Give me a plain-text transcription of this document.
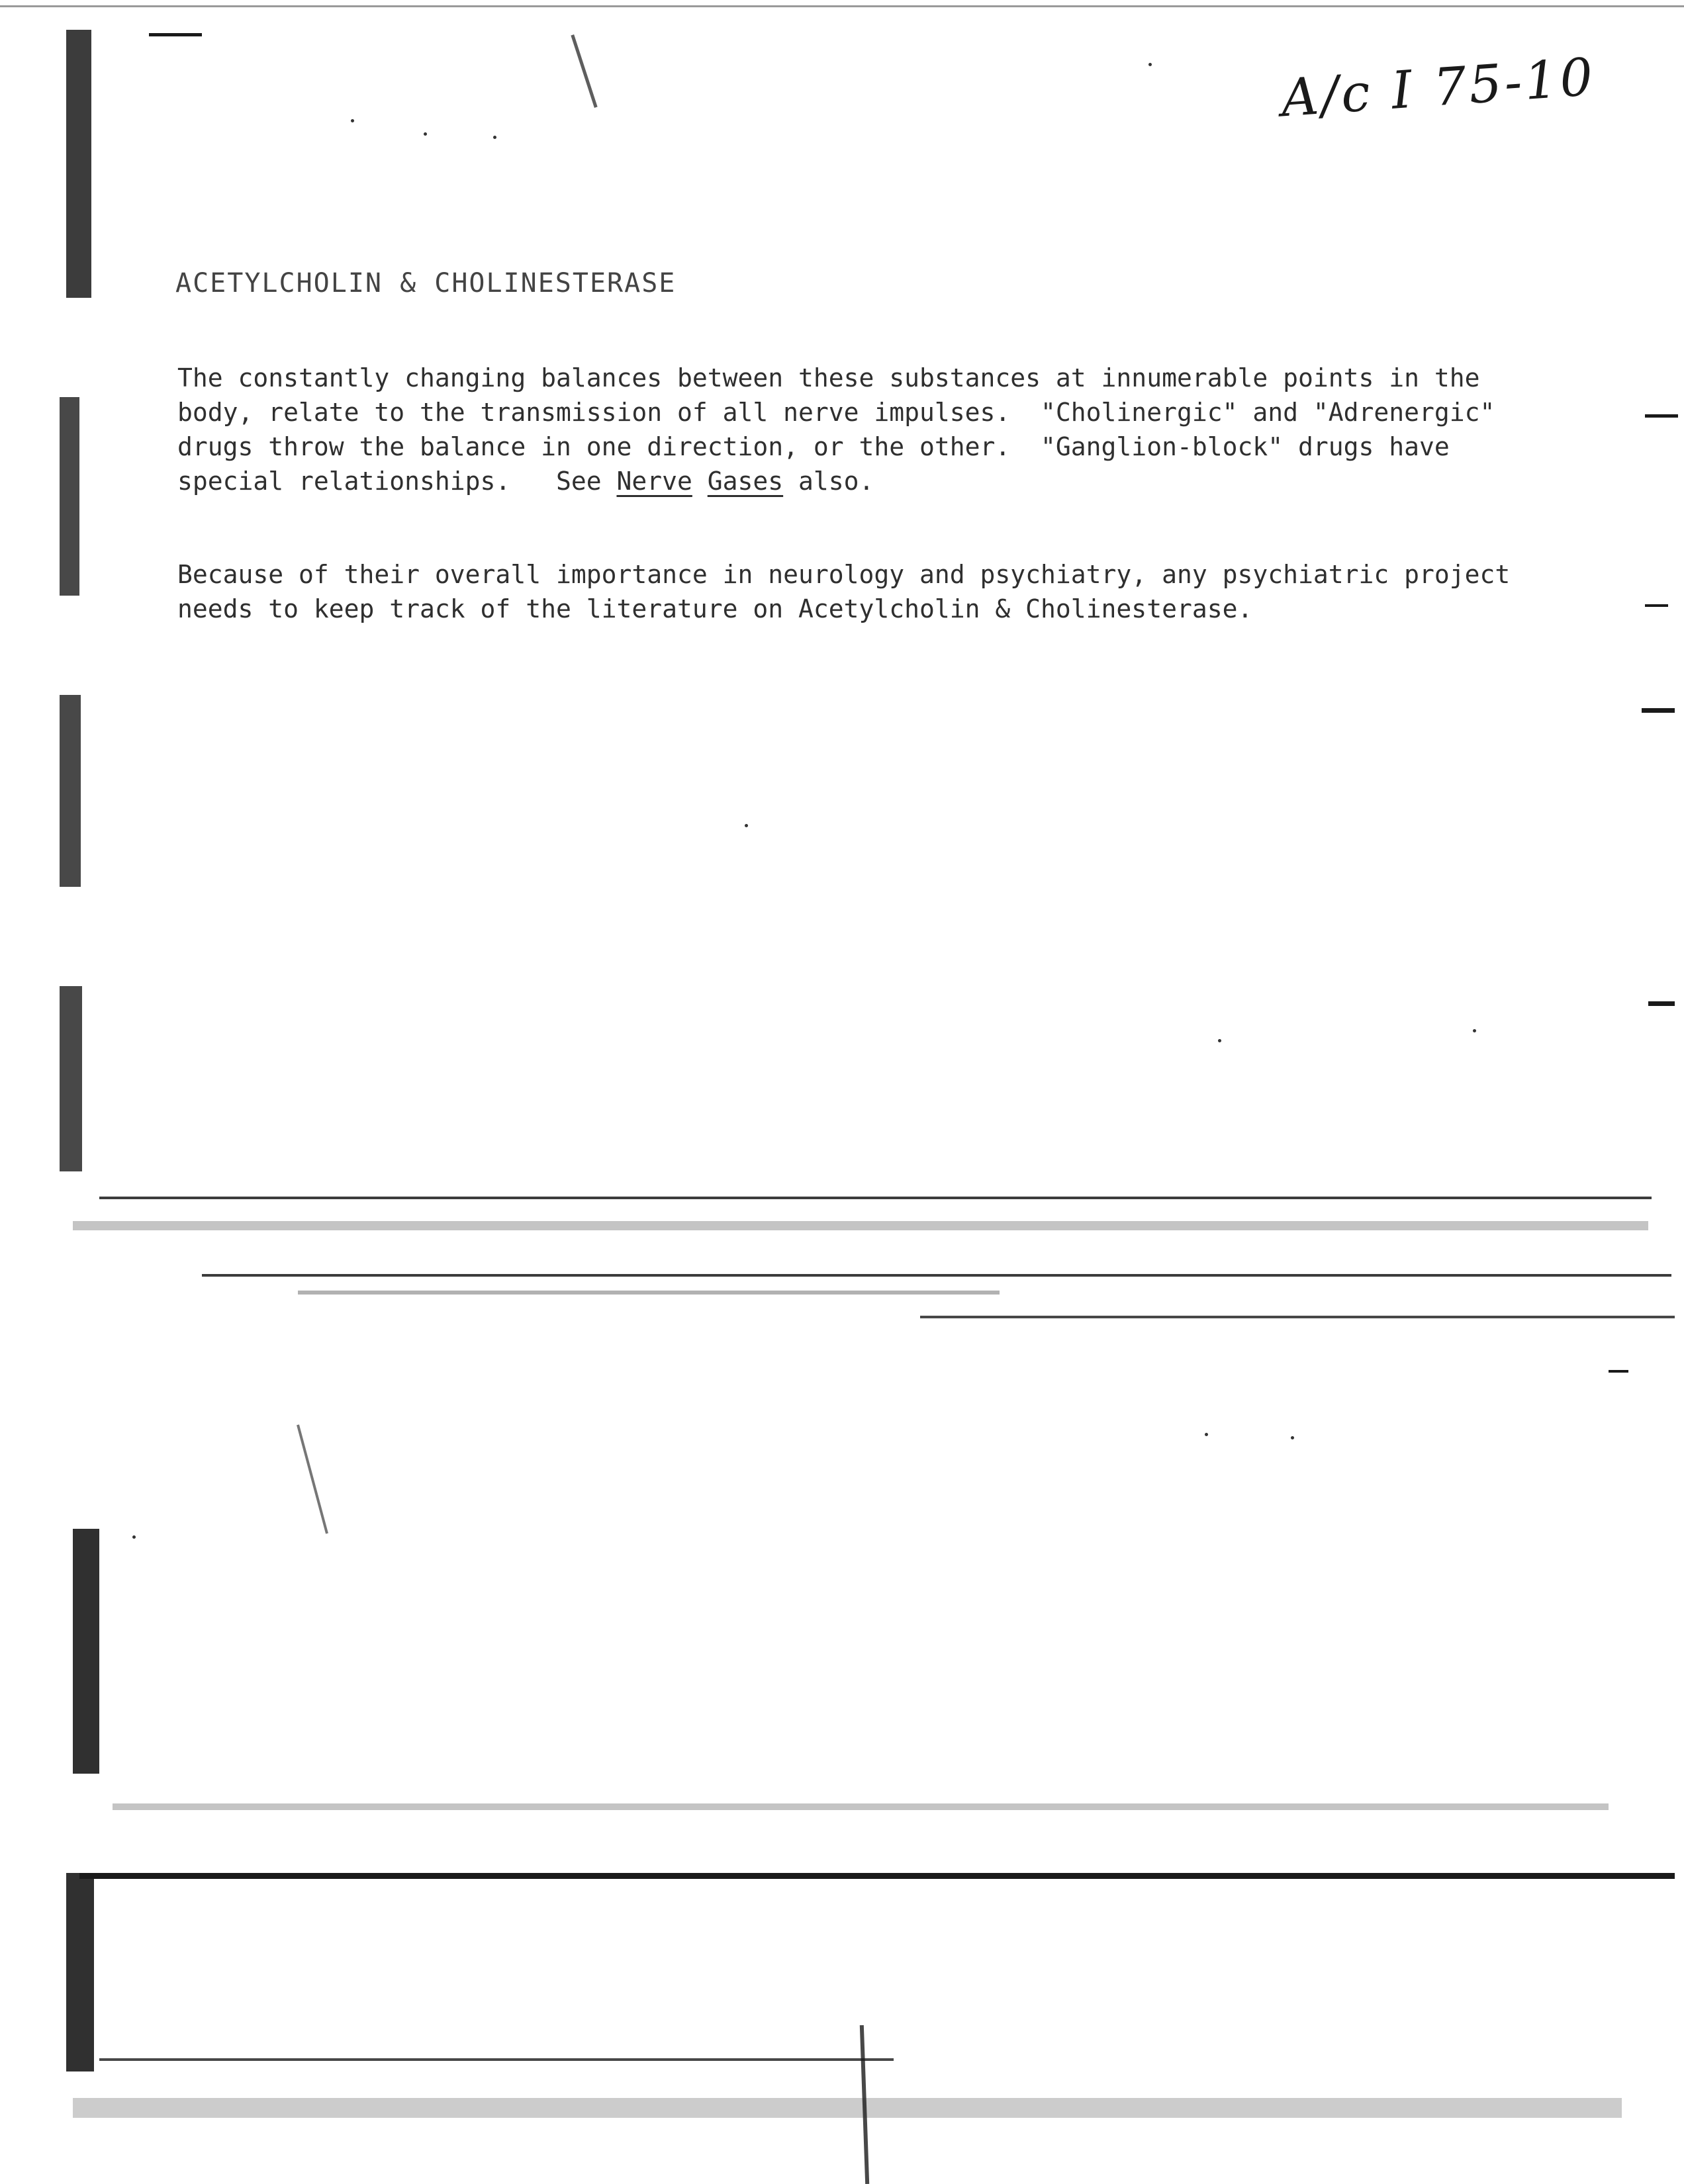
A/c I 75-10
ACETYLCHOLIN & CHOLINESTERASE

The constantly changing balances between these substances at innumerable points in the

body, relate to the transmission of all nerve impulses.  "Cholinergic" and "Adrenergic"

drugs throw the balance in one direction, or the other.  "Ganglion-block" drugs have

special relationships.   See Nerve Gases also.

Because of their overall importance in neurology and psychiatry, any psychiatric project

needs to keep track of the literature on Acetylcholin & Cholinesterase.
